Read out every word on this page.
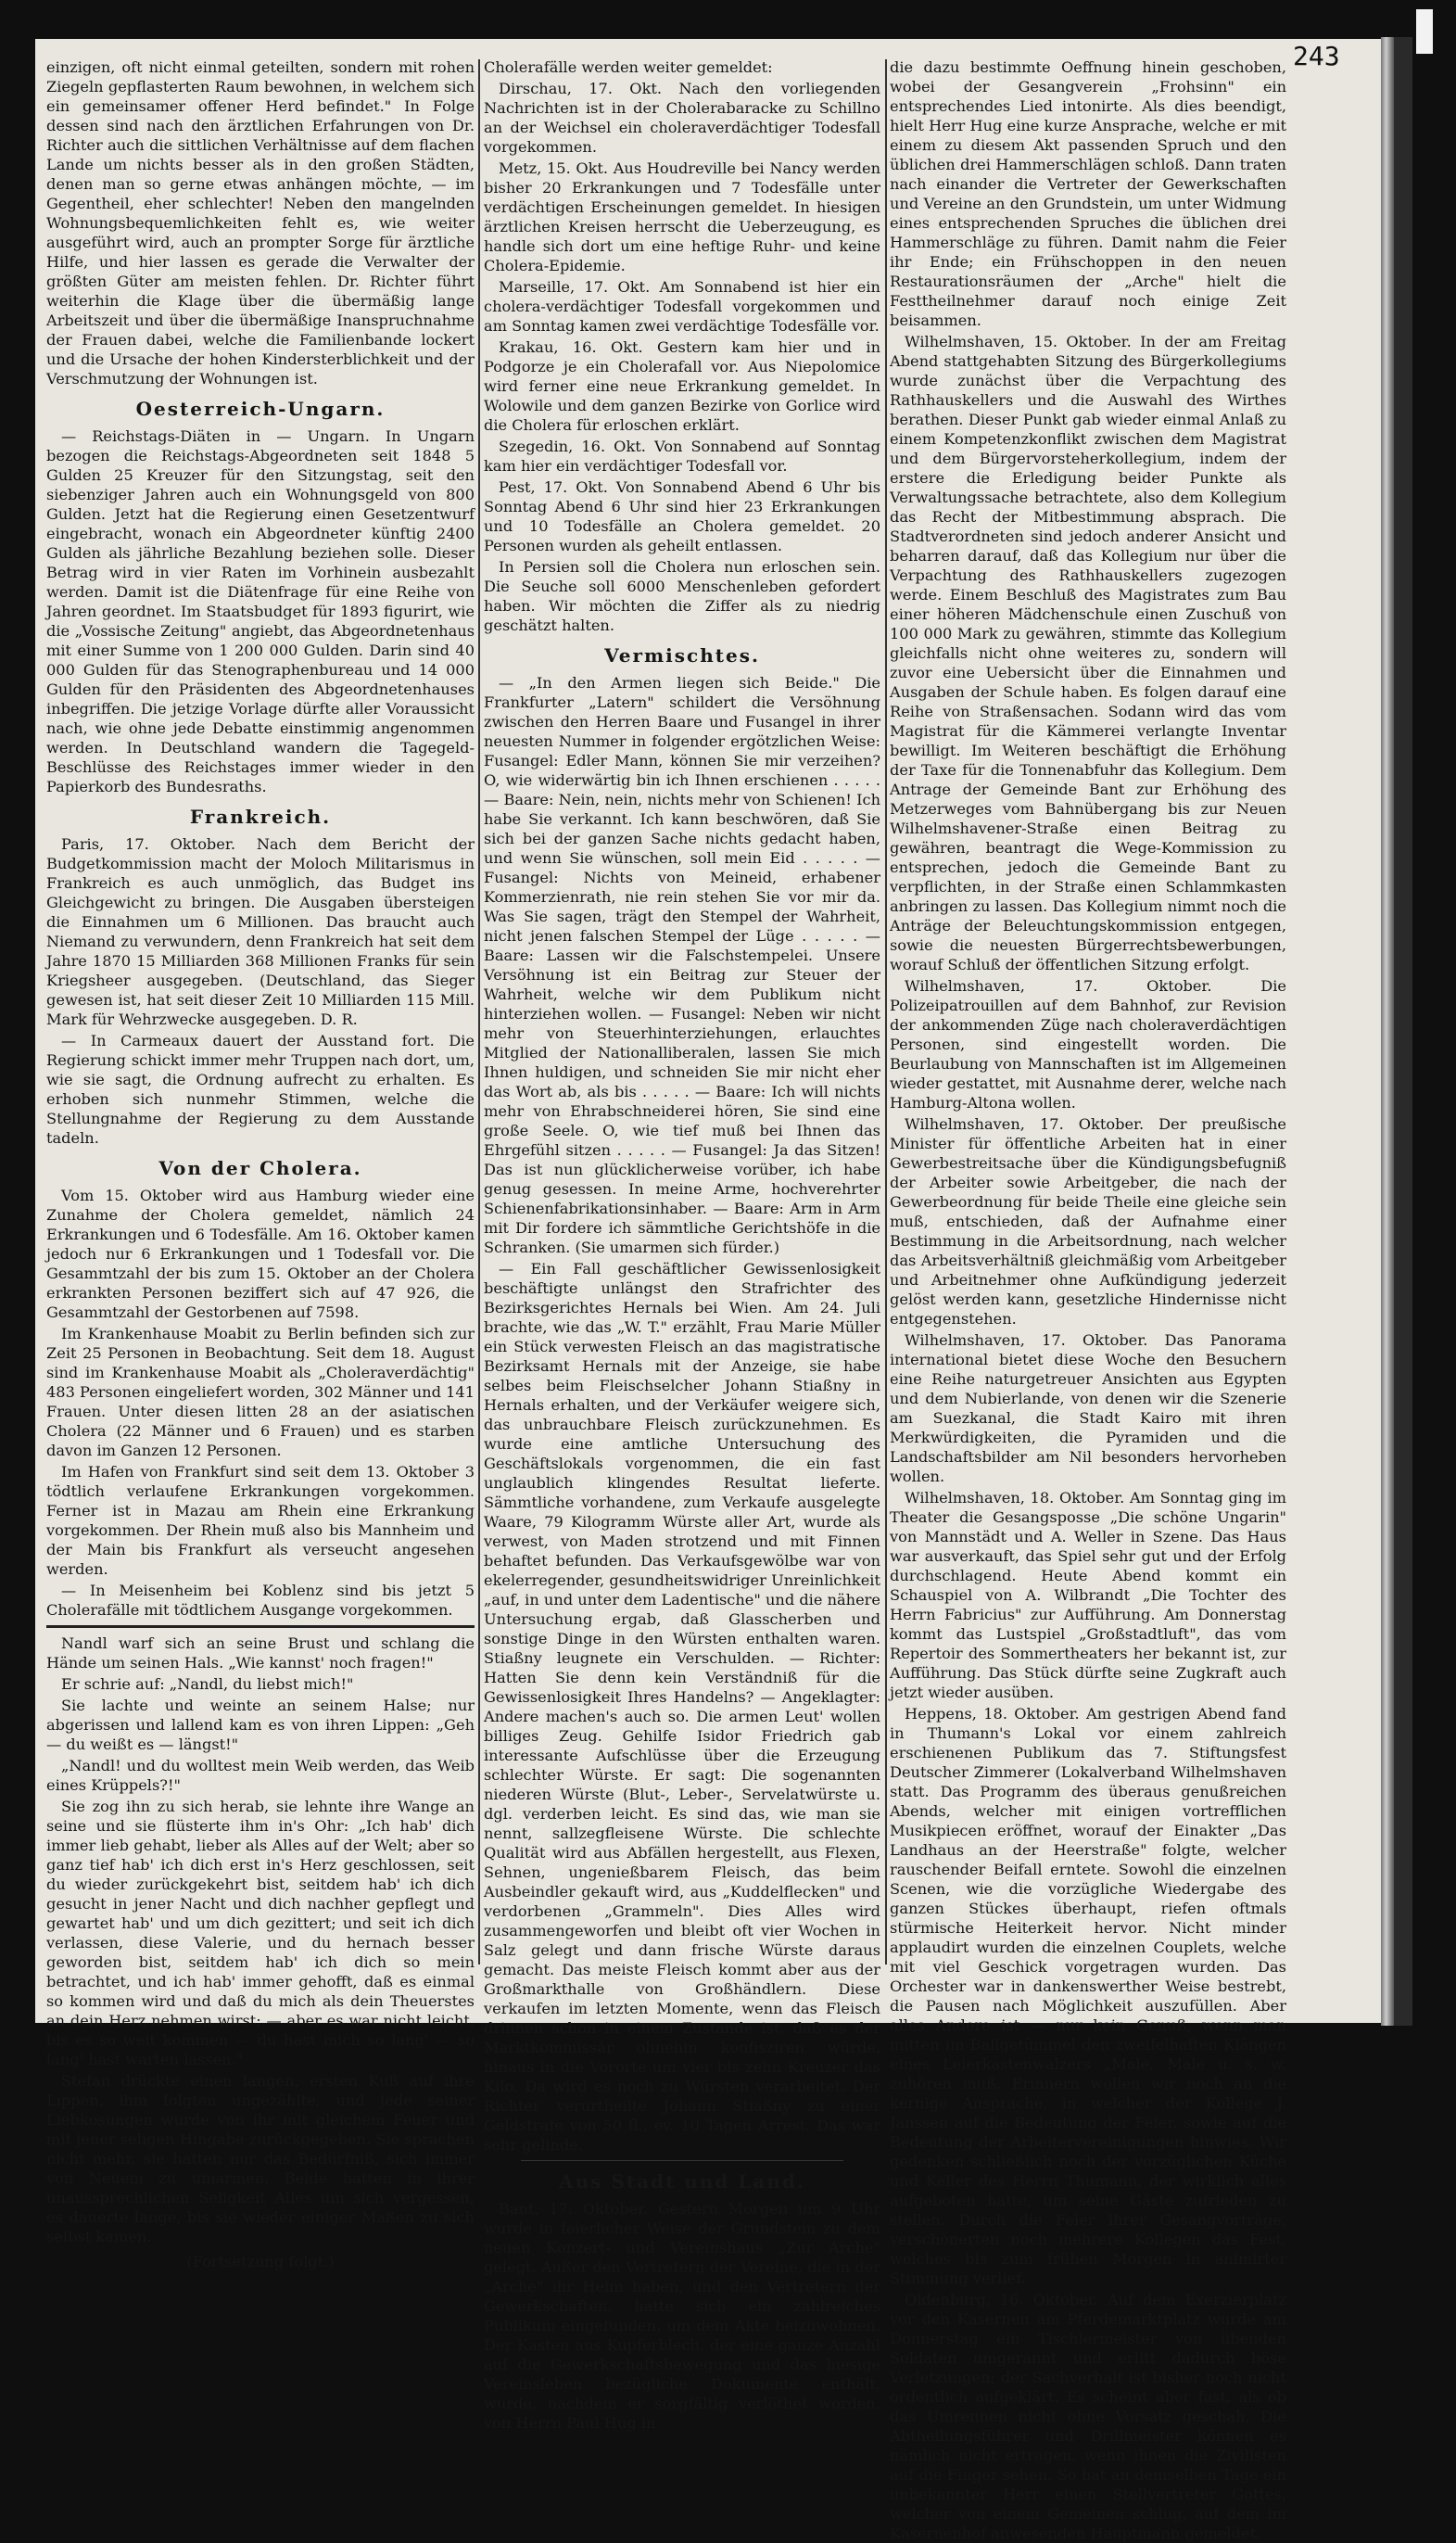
243

einzigen, oft nicht einmal geteilten, sondern mit rohen Ziegeln gepflasterten Raum bewohnen, in welchem sich ein gemeinsamer offener Herd befindet." In Folge dessen sind nach den ärztlichen Erfahrungen von Dr. Richter auch die sittlichen Verhältnisse auf dem flachen Lande um nichts besser als in den großen Städten, denen man so gerne etwas anhängen möchte, — im Gegentheil, eher schlechter! Neben den mangelnden Wohnungsbequemlichkeiten fehlt es, wie weiter ausgeführt wird, auch an prompter Sorge für ärztliche Hilfe, und hier lassen es gerade die Verwalter der größten Güter am meisten fehlen. Dr. Richter führt weiterhin die Klage über die übermäßig lange Arbeitszeit und über die übermäßige Inanspruchnahme der Frauen dabei, welche die Familienbande lockert und die Ursache der hohen Kindersterblichkeit und der Verschmutzung der Wohnungen ist.

Oesterreich-Ungarn.

— Reichstags-Diäten in — Ungarn. In Ungarn bezogen die Reichstags-Abgeordneten seit 1848 5 Gulden 25 Kreuzer für den Sitzungstag, seit den siebenziger Jahren auch ein Wohnungsgeld von 800 Gulden. Jetzt hat die Regierung einen Gesetzentwurf eingebracht, wonach ein Abgeordneter künftig 2400 Gulden als jährliche Bezahlung beziehen solle. Dieser Betrag wird in vier Raten im Vorhinein ausbezahlt werden. Damit ist die Diätenfrage für eine Reihe von Jahren geordnet. Im Staatsbudget für 1893 figurirt, wie die „Vossische Zeitung" angiebt, das Abgeordnetenhaus mit einer Summe von 1 200 000 Gulden. Darin sind 40 000 Gulden für das Stenographenbureau und 14 000 Gulden für den Präsidenten des Abgeordnetenhauses inbegriffen. Die jetzige Vorlage dürfte aller Voraussicht nach, wie ohne jede Debatte einstimmig angenommen werden. In Deutschland wandern die Tagegeld-Beschlüsse des Reichstages immer wieder in den Papierkorb des Bundesraths.

Frankreich.

Paris, 17. Oktober. Nach dem Bericht der Budgetkommission macht der Moloch Militarismus in Frankreich es auch unmöglich, das Budget ins Gleichgewicht zu bringen. Die Ausgaben übersteigen die Einnahmen um 6 Millionen. Das braucht auch Niemand zu verwundern, denn Frankreich hat seit dem Jahre 1870 15 Milliarden 368 Millionen Franks für sein Kriegsheer ausgegeben. (Deutschland, das Sieger gewesen ist, hat seit dieser Zeit 10 Milliarden 115 Mill. Mark für Wehrzwecke ausgegeben. D. R.

— In Carmeaux dauert der Ausstand fort. Die Regierung schickt immer mehr Truppen nach dort, um, wie sie sagt, die Ordnung aufrecht zu erhalten. Es erhoben sich nunmehr Stimmen, welche die Stellungnahme der Regierung zu dem Ausstande tadeln.

Von der Cholera.

Vom 15. Oktober wird aus Hamburg wieder eine Zunahme der Cholera gemeldet, nämlich 24 Erkrankungen und 6 Todesfälle. Am 16. Oktober kamen jedoch nur 6 Erkrankungen und 1 Todesfall vor. Die Gesammtzahl der bis zum 15. Oktober an der Cholera erkrankten Personen beziffert sich auf 47 926, die Gesammtzahl der Gestorbenen auf 7598.

Im Krankenhause Moabit zu Berlin befinden sich zur Zeit 25 Personen in Beobachtung. Seit dem 18. August sind im Krankenhause Moabit als „Choleraverdächtig" 483 Personen eingeliefert worden, 302 Männer und 141 Frauen. Unter diesen litten 28 an der asiatischen Cholera (22 Männer und 6 Frauen) und es starben davon im Ganzen 12 Personen.

Im Hafen von Frankfurt sind seit dem 13. Oktober 3 tödtlich verlaufene Erkrankungen vorgekommen. Ferner ist in Mazau am Rhein eine Erkrankung vorgekommen. Der Rhein muß also bis Mannheim und der Main bis Frankfurt als verseucht angesehen werden.

— In Meisenheim bei Koblenz sind bis jetzt 5 Cholerafälle mit tödtlichem Ausgange vorgekommen.

Nandl warf sich an seine Brust und schlang die Hände um seinen Hals. „Wie kannst' noch fragen!"

Er schrie auf: „Nandl, du liebst mich!"

Sie lachte und weinte an seinem Halse; nur abgerissen und lallend kam es von ihren Lippen: „Geh — du weißt es — längst!"

„Nandl! und du wolltest mein Weib werden, das Weib eines Krüppels?!"

Sie zog ihn zu sich herab, sie lehnte ihre Wange an seine und sie flüsterte ihm in's Ohr: „Ich hab' dich immer lieb gehabt, lieber als Alles auf der Welt; aber so ganz tief hab' ich dich erst in's Herz geschlossen, seit du wieder zurückgekehrt bist, seitdem hab' ich dich gesucht in jener Nacht und dich nachher gepflegt und gewartet hab' und um dich gezittert; und seit ich dich verlassen, diese Valerie, und du hernach besser geworden bist, seitdem hab' ich dich so mein betrachtet, und ich hab' immer gehofft, daß es einmal so kommen wird und daß du mich als dein Theuerstes an dein Herz nehmen wirst; — aber es war nicht leicht, bis es so weit kommen — du hast mich so lang' — so lang' hast warten lassen."

Stefan drückte einen langen, ersten Kuß auf ihre Lippen, ihm folgten ungezählte, und jede seiner Liebkosungen wurde von ihr mit gleichem Feuer und mit jener seligen Hingabe zurückgegeben. Sie sprachen nicht mehr, sie hatten nur das Bedürfniß, sich immer von Neuem zu umarmen. Beide hatten in ihrer unaussprechlichen Seligkeit Alles um sich vergessen, es dauerte lange, bis sie wieder einiger Maßen zu sich selbst kamen.

(Fortsetzung folgt.)

Cholerafälle werden weiter gemeldet:

Dirschau, 17. Okt. Nach den vorliegenden Nachrichten ist in der Cholerabaracke zu Schillno an der Weichsel ein choleraverdächtiger Todesfall vorgekommen.

Metz, 15. Okt. Aus Houdreville bei Nancy werden bisher 20 Erkrankungen und 7 Todesfälle unter verdächtigen Erscheinungen gemeldet. In hiesigen ärztlichen Kreisen herrscht die Ueberzeugung, es handle sich dort um eine heftige Ruhr- und keine Cholera-Epidemie.

Marseille, 17. Okt. Am Sonnabend ist hier ein cholera-verdächtiger Todesfall vorgekommen und am Sonntag kamen zwei verdächtige Todesfälle vor.

Krakau, 16. Okt. Gestern kam hier und in Podgorze je ein Cholerafall vor. Aus Niepolomice wird ferner eine neue Erkrankung gemeldet. In Wolowile und dem ganzen Bezirke von Gorlice wird die Cholera für erloschen erklärt.

Szegedin, 16. Okt. Von Sonnabend auf Sonntag kam hier ein verdächtiger Todesfall vor.

Pest, 17. Okt. Von Sonnabend Abend 6 Uhr bis Sonntag Abend 6 Uhr sind hier 23 Erkrankungen und 10 Todesfälle an Cholera gemeldet. 20 Personen wurden als geheilt entlassen.

In Persien soll die Cholera nun erloschen sein. Die Seuche soll 6000 Menschenleben gefordert haben. Wir möchten die Ziffer als zu niedrig geschätzt halten.

Vermischtes.

— „In den Armen liegen sich Beide." Die Frankfurter „Latern" schildert die Versöhnung zwischen den Herren Baare und Fusangel in ihrer neuesten Nummer in folgender ergötzlichen Weise: Fusangel: Edler Mann, können Sie mir verzeihen? O, wie widerwärtig bin ich Ihnen erschienen . . . . . — Baare: Nein, nein, nichts mehr von Schienen! Ich habe Sie verkannt. Ich kann beschwören, daß Sie sich bei der ganzen Sache nichts gedacht haben, und wenn Sie wünschen, soll mein Eid . . . . . — Fusangel: Nichts von Meineid, erhabener Kommerzienrath, nie rein stehen Sie vor mir da. Was Sie sagen, trägt den Stempel der Wahrheit, nicht jenen falschen Stempel der Lüge . . . . . — Baare: Lassen wir die Falschstempelei. Unsere Versöhnung ist ein Beitrag zur Steuer der Wahrheit, welche wir dem Publikum nicht hinterziehen wollen. — Fusangel: Neben wir nicht mehr von Steuerhinterziehungen, erlauchtes Mitglied der Nationalliberalen, lassen Sie mich Ihnen huldigen, und schneiden Sie mir nicht eher das Wort ab, als bis . . . . . — Baare: Ich will nichts mehr von Ehrabschneiderei hören, Sie sind eine große Seele. O, wie tief muß bei Ihnen das Ehrgefühl sitzen . . . . . — Fusangel: Ja das Sitzen! Das ist nun glücklicherweise vorüber, ich habe genug gesessen. In meine Arme, hochverehrter Schienenfabrikationsinhaber. — Baare: Arm in Arm mit Dir fordere ich sämmtliche Gerichtshöfe in die Schranken. (Sie umarmen sich fürder.)

— Ein Fall geschäftlicher Gewissenlosigkeit beschäftigte unlängst den Strafrichter des Bezirksgerichtes Hernals bei Wien. Am 24. Juli brachte, wie das „W. T." erzählt, Frau Marie Müller ein Stück verwesten Fleisch an das magistratische Bezirksamt Hernals mit der Anzeige, sie habe selbes beim Fleischselcher Johann Stiaßny in Hernals erhalten, und der Verkäufer weigere sich, das unbrauchbare Fleisch zurückzunehmen. Es wurde eine amtliche Untersuchung des Geschäftslokals vorgenommen, die ein fast unglaublich klingendes Resultat lieferte. Sämmtliche vorhandene, zum Verkaufe ausgelegte Waare, 79 Kilogramm Würste aller Art, wurde als verwest, von Maden strotzend und mit Finnen behaftet befunden. Das Verkaufsgewölbe war von ekelerregender, gesundheitswidriger Unreinlichkeit „auf, in und unter dem Ladentische" und die nähere Untersuchung ergab, daß Glasscherben und sonstige Dinge in den Würsten enthalten waren. Stiaßny leugnete ein Verschulden. — Richter: Hatten Sie denn kein Verständniß für die Gewissenlosigkeit Ihres Handelns? — Angeklagter: Andere machen's auch so. Die armen Leut' wollen billiges Zeug. Gehilfe Isidor Friedrich gab interessante Aufschlüsse über die Erzeugung schlechter Würste. Er sagt: Die sogenannten niederen Würste (Blut-, Leber-, Servelatwürste u. dgl. verderben leicht. Es sind das, wie man sie nennt, sallzegfleisene Würste. Die schlechte Qualität wird aus Abfällen hergestellt, aus Flexen, Sehnen, ungenießbarem Fleisch, das beim Ausbeindler gekauft wird, aus „Kuddelflecken" und verdorbenen „Grammeln". Dies Alles wird zusammengeworfen und bleibt oft vier Wochen in Salz gelegt und dann frische Würste daraus gemacht. Das meiste Fleisch kommt aber aus der Großmarkthalle von Großhändlern. Diese verkaufen im letzten Momente, wenn das Fleisch drinnen schon in einem Zustande ist, daß es der Marktkommissär ohnehin konfisziren würde, hinaus in die Vororte um vier bis zehn Kreuzer das Kilo. Da wird es noch zu Würsten verarbeitet. Der Richter verurtheilte Johann Stiaßny zu einer Geldstrafe von 50 fl., ev. 10 Tagen Arrest. Das war sehr gelinde.

Aus Stadt und Land.

Bant, 17. Oktober. Gestern Morgen um 9 Uhr wurde in feierlicher Weise der Grundstein zu dem neuen Konzert- und Vereinshaus „Zur Arche" gelegt. Außer den Vertretern der Vereine, die in der „Arche" ihr Heim haben, und den Vertretern der Gewerkschaften, hatte sich ein zahlreiches Publikum eingefunden, um dem Akte beizuwohnen. Der Kasten aus Kupferblech, der eine ganze Anzahl auf die Gewerkschaftsbewegung und das hiesige Vereinsleben bezügliche Dokumente enthält, wurde, nachdem er sorgfältig verlöthet worden, von Herrn Paul Hug in

die dazu bestimmte Oeffnung hinein geschoben, wobei der Gesangverein „Frohsinn" ein entsprechendes Lied intonirte. Als dies beendigt, hielt Herr Hug eine kurze Ansprache, welche er mit einem zu diesem Akt passenden Spruch und den üblichen drei Hammerschlägen schloß. Dann traten nach einander die Vertreter der Gewerkschaften und Vereine an den Grundstein, um unter Widmung eines entsprechenden Spruches die üblichen drei Hammerschläge zu führen. Damit nahm die Feier ihr Ende; ein Frühschoppen in den neuen Restaurationsräumen der „Arche" hielt die Festtheilnehmer darauf noch einige Zeit beisammen.

Wilhelmshaven, 15. Oktober. In der am Freitag Abend stattgehabten Sitzung des Bürgerkollegiums wurde zunächst über die Verpachtung des Rathhauskellers und die Auswahl des Wirthes berathen. Dieser Punkt gab wieder einmal Anlaß zu einem Kompetenzkonflikt zwischen dem Magistrat und dem Bürgervorsteherkollegium, indem der erstere die Erledigung beider Punkte als Verwaltungssache betrachtete, also dem Kollegium das Recht der Mitbestimmung absprach. Die Stadtverordneten sind jedoch anderer Ansicht und beharren darauf, daß das Kollegium nur über die Verpachtung des Rathhauskellers zugezogen werde. Einem Beschluß des Magistrates zum Bau einer höheren Mädchenschule einen Zuschuß von 100 000 Mark zu gewähren, stimmte das Kollegium gleichfalls nicht ohne weiteres zu, sondern will zuvor eine Uebersicht über die Einnahmen und Ausgaben der Schule haben. Es folgen darauf eine Reihe von Straßensachen. Sodann wird das vom Magistrat für die Kämmerei verlangte Inventar bewilligt. Im Weiteren beschäftigt die Erhöhung der Taxe für die Tonnenabfuhr das Kollegium. Dem Antrage der Gemeinde Bant zur Erhöhung des Metzerweges vom Bahnübergang bis zur Neuen Wilhelmshavener-Straße einen Beitrag zu gewähren, beantragt die Wege-Kommission zu entsprechen, jedoch die Gemeinde Bant zu verpflichten, in der Straße einen Schlammkasten anbringen zu lassen. Das Kollegium nimmt noch die Anträge der Beleuchtungskommission entgegen, sowie die neuesten Bürgerrechtsbewerbungen, worauf Schluß der öffentlichen Sitzung erfolgt.

Wilhelmshaven, 17. Oktober. Die Polizeipatrouillen auf dem Bahnhof, zur Revision der ankommenden Züge nach choleraverdächtigen Personen, sind eingestellt worden. Die Beurlaubung von Mannschaften ist im Allgemeinen wieder gestattet, mit Ausnahme derer, welche nach Hamburg-Altona wollen.

Wilhelmshaven, 17. Oktober. Der preußische Minister für öffentliche Arbeiten hat in einer Gewerbestreitsache über die Kündigungsbefugniß der Arbeiter sowie Arbeitgeber, die nach der Gewerbeordnung für beide Theile eine gleiche sein muß, entschieden, daß der Aufnahme einer Bestimmung in die Arbeitsordnung, nach welcher das Arbeitsverhältniß gleichmäßig vom Arbeitgeber und Arbeitnehmer ohne Aufkündigung jederzeit gelöst werden kann, gesetzliche Hindernisse nicht entgegenstehen.

Wilhelmshaven, 17. Oktober. Das Panorama international bietet diese Woche den Besuchern eine Reihe naturgetreuer Ansichten aus Egypten und dem Nubierlande, von denen wir die Szenerie am Suezkanal, die Stadt Kairo mit ihren Merkwürdigkeiten, die Pyramiden und die Landschaftsbilder am Nil besonders hervorheben wollen.

Wilhelmshaven, 18. Oktober. Am Sonntag ging im Theater die Gesangsposse „Die schöne Ungarin" von Mannstädt und A. Weller in Szene. Das Haus war ausverkauft, das Spiel sehr gut und der Erfolg durchschlagend. Heute Abend kommt ein Schauspiel von A. Wilbrandt „Die Tochter des Herrn Fabricius" zur Aufführung. Am Donnerstag kommt das Lustspiel „Großstadtluft", das vom Repertoir des Sommertheaters her bekannt ist, zur Aufführung. Das Stück dürfte seine Zugkraft auch jetzt wieder ausüben.

Heppens, 18. Oktober. Am gestrigen Abend fand in Thumann's Lokal vor einem zahlreich erschienenen Publikum das 7. Stiftungsfest Deutscher Zimmerer (Lokalverband Wilhelmshaven statt. Das Programm des überaus genußreichen Abends, welcher mit einigen vortrefflichen Musikpiecen eröffnet, worauf der Einakter „Das Landhaus an der Heerstraße" folgte, welcher rauschender Beifall erntete. Sowohl die einzelnen Scenen, wie die vorzügliche Wiedergabe des ganzen Stückes überhaupt, riefen oftmals stürmische Heiterkeit hervor. Nicht minder applaudirt wurden die einzelnen Couplets, welche mit viel Geschick vorgetragen wurden. Das Orchester war in dankenswerther Weise bestrebt, die Pausen nach Möglichkeit auszufüllen. Aber alles Andere ist — nur kein Genuß, wenn man mitten im Ballgetümmel den zweifelhaften Klängen eines Leierkastenwalzers „Male, Male u. s. w. zuhören muß. Erinnern wollen wir noch an die kernige Ansprache, in welcher der Kollege J. Janssen auf die Bedeutung der Feier, sowie auf die Bedeutung der Arbeitervereinigungen hinwies. Wir gedenken schließlich noch der vorzüglichen Küche und Keller des Herrn Thumann, der wirklich alles aufgeboten hatte, um seine Gäste zufrieden zu stellen. Durch die Feier ihrer Gesangvorträge, verschönerten noch mehrere Kollegen das Fest, welches bis zum frühen Morgen in animirter Stimmung verlief.

Oldenburg, 16. Oktober. Auf dem Exerzierplatz vor den Kasernen am Pferdemarktplatz wurde am Donnerstag ein Tischlermeister von übenden Soldaten umgerannt und erlitt dadurch böse Verletzungen; der Sachverhalt ist bisher noch nicht ordentlich aufgeklärt. Es scheint aber fast, als ob das Umrennen nicht ohne Vorsatz geschah. Die Abtheilungsführer und Drillmeister können es nämlich nicht ertragen, wenn ihnen die Zivilisten auf die Finger sehen. So hat an demselben Tage ein unbekannter Herr einen Stellvertreter Gottes, welcher von einem Gemeinen schlug, auf dem im Kasernenhof anwesenden Hauptmann gemeldet.
